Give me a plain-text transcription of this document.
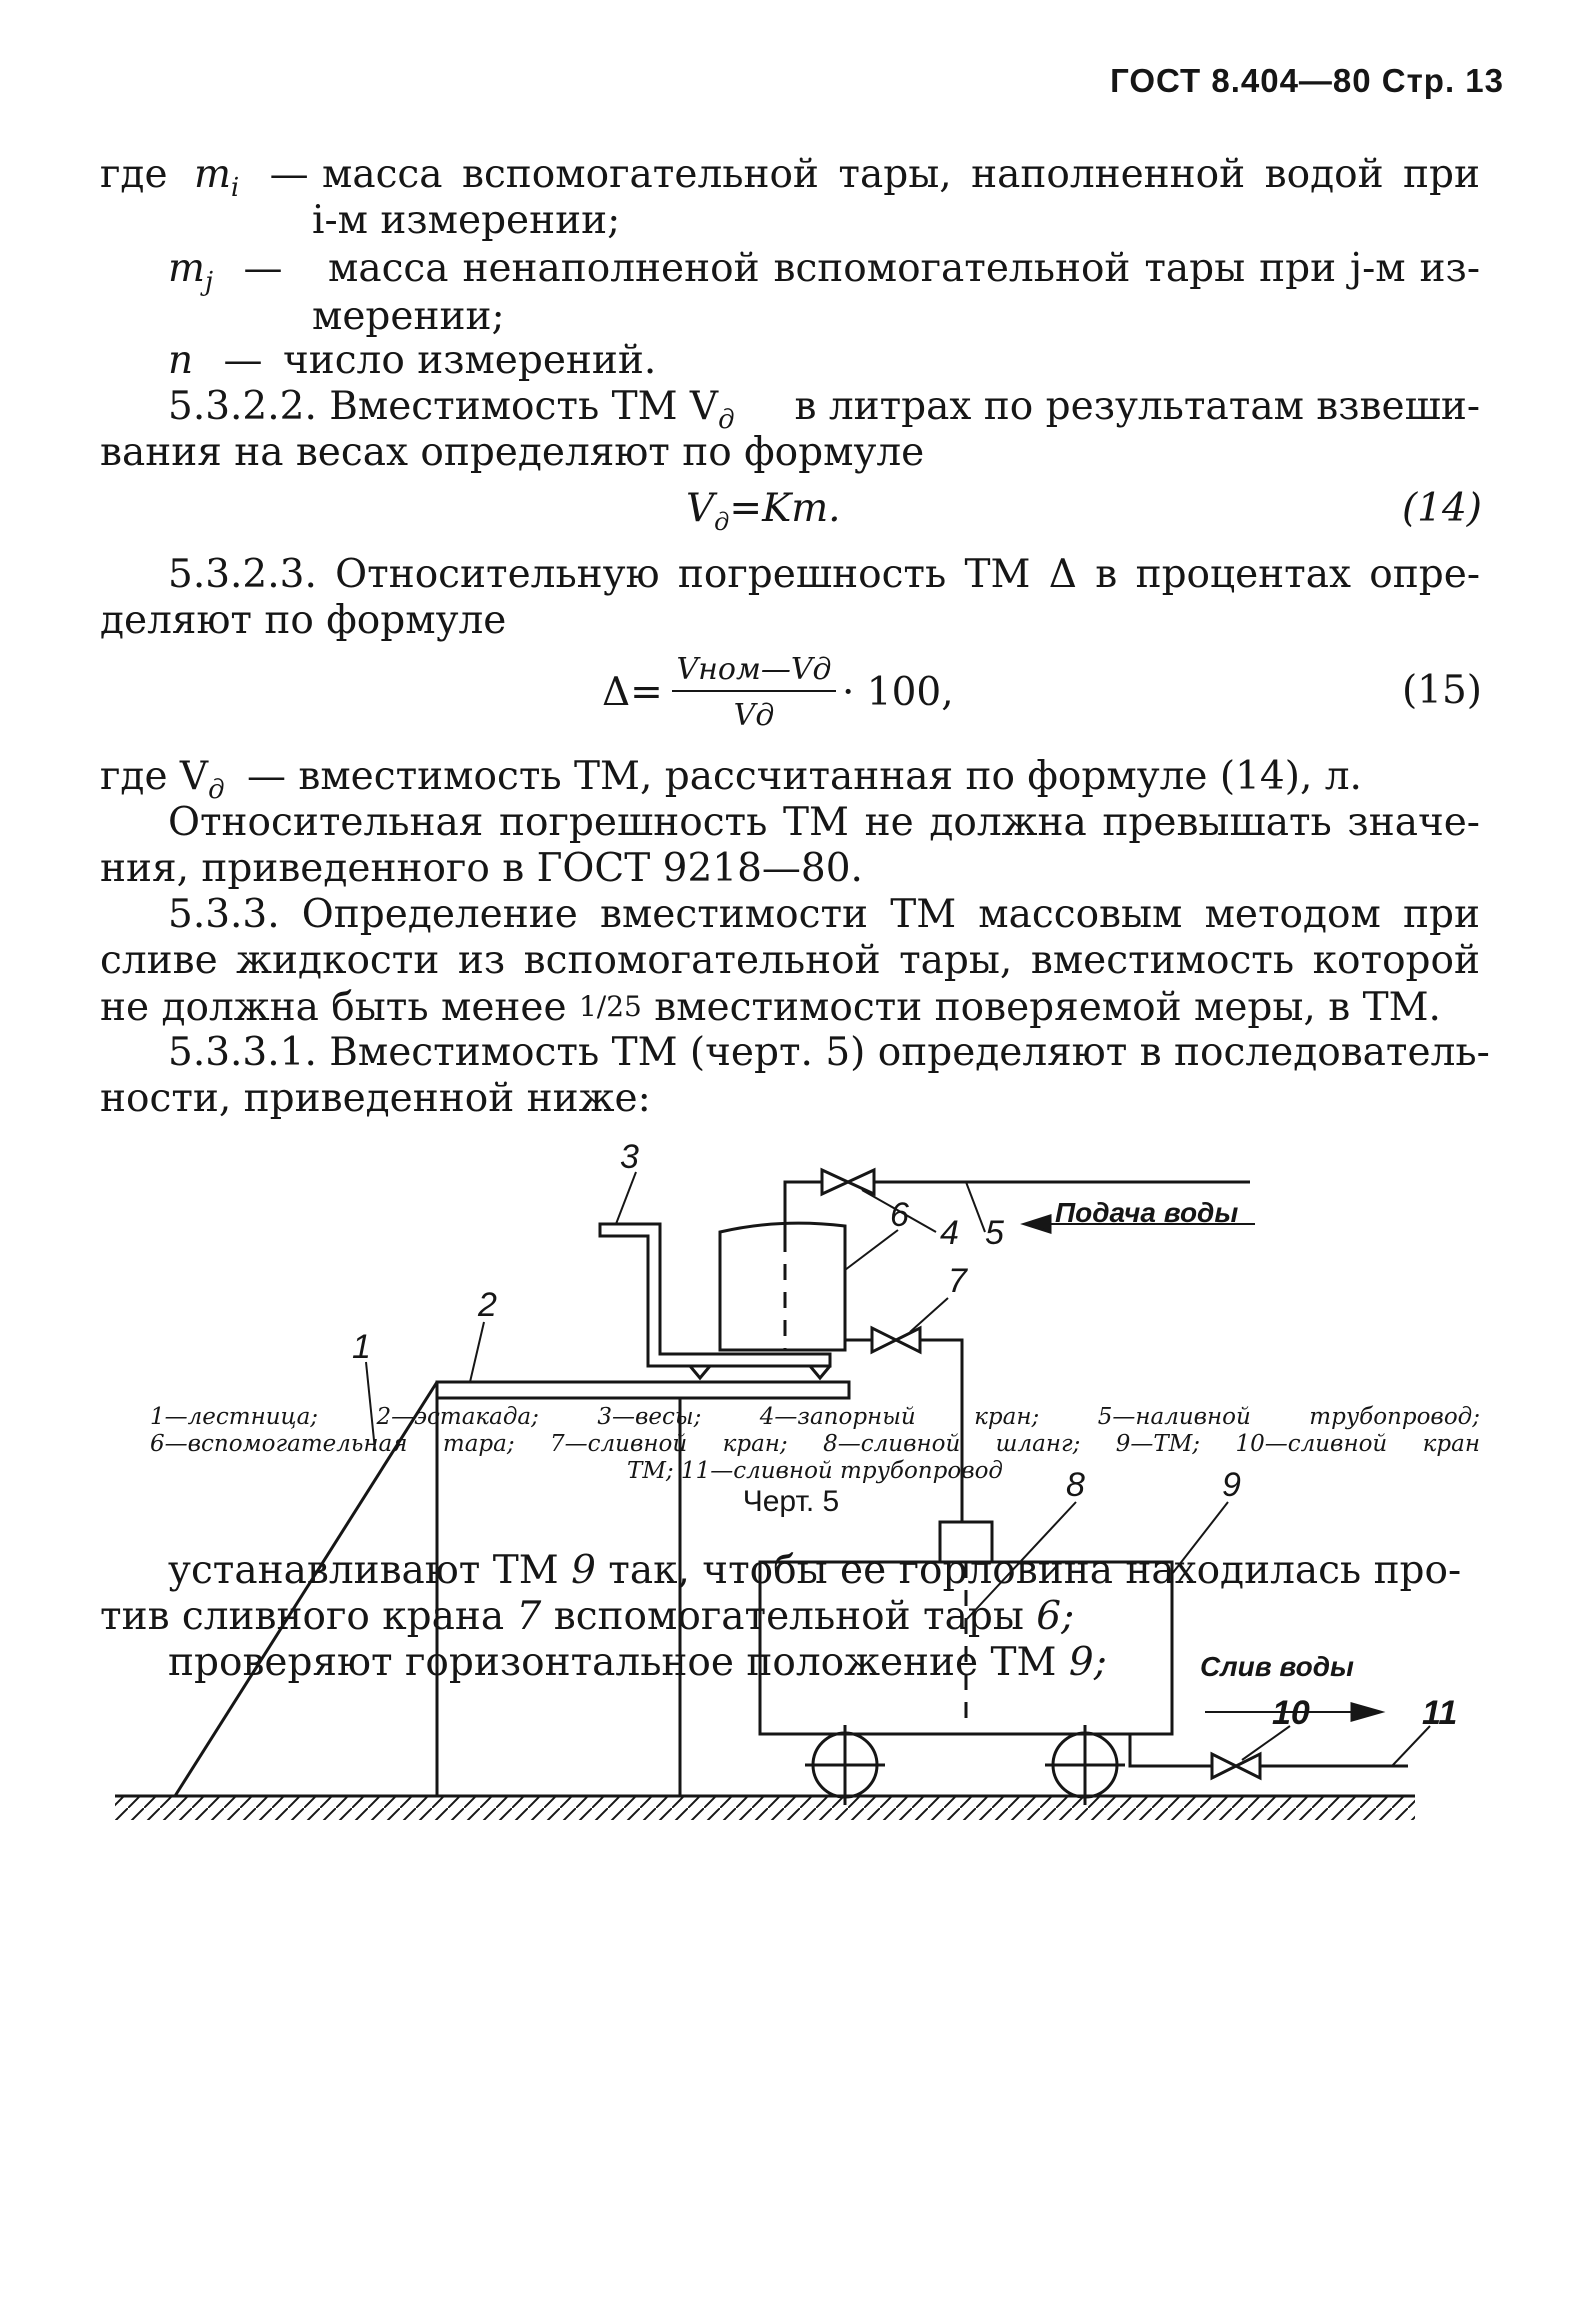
ГОСТ 8.404—80 Стр. 13
где $m_i$ — масса вспомогательной тары, наполненной водой при
i-м измерении;
$m_j$ — масса ненаполненой вспомогательной тары при j-м из-
мерении;
n — число измерений.
5.3.2.2. Вместимость ТМ $V_д$ в литрах по результатам взвеши-
вания на весах определяют по формуле
$V_д=Km$.	(14)
5.3.2.3. Относительную погрешность ТМ Δ в процентах опре-
деляют по формуле
Δ=
Vном—Vд
Vд
· 100,	(15)
где $V_д$ — вместимость ТМ, рассчитанная по формуле (14), л.
Относительная погрешность ТМ не должна превышать значе-
ния, приведенного в ГОСТ 9218—80.
5.3.3. Определение вместимости ТМ массовым методом при
сливе жидкости из вспомогательной тары, вместимость которой
не должна быть менее 1/25 вместимости поверяемой меры, в ТМ.
5.3.3.1. Вместимость ТМ (черт. 5) определяют в последователь-
ности, приведенной ниже:
1
2
3
4 5
6
7
8	9
10	11
Подача воды
Слив воды
1—лестница; 2—эстакада; 3—весы; 4—запорный кран; 5—наливной трубопровод;
6—вспомогательная тара; 7—сливной кран; 8—сливной шланг; 9—ТМ; 10—сливной кран
ТМ; 11—сливной трубопровод
Черт. 5
устанавливают ТМ 9 так, чтобы ее горловина находилась про-
тив сливного крана 7 вспомогательной тары 6;
проверяют горизонтальное положение ТМ 9;
